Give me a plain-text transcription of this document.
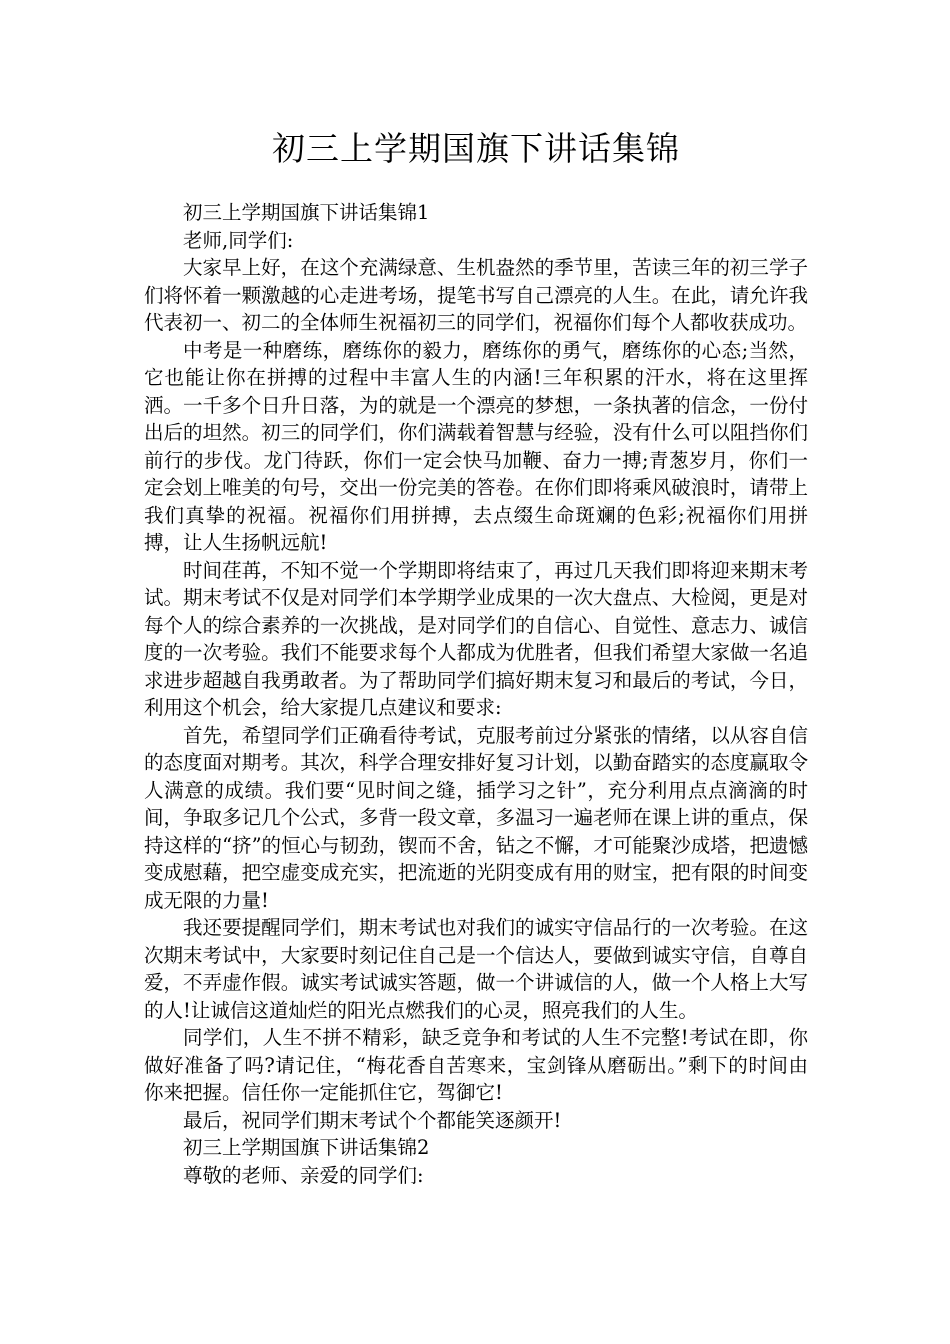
初三上学期国旗下讲话集锦

初三上学期国旗下讲话集锦1

老师,同学们:

大家早上好，在这个充满绿意、生机盎然的季节里，苦读三年的初三学子们将怀着一颗激越的心走进考场，提笔书写自己漂亮的人生。在此，请允许我代表初一、初二的全体师生祝福初三的同学们，祝福你们每个人都收获成功。

中考是一种磨练，磨练你的毅力，磨练你的勇气，磨练你的心态;当然，它也能让你在拼搏的过程中丰富人生的内涵!三年积累的汗水，将在这里挥洒。一千多个日升日落，为的就是一个漂亮的梦想，一条执著的信念，一份付出后的坦然。初三的同学们，你们满载着智慧与经验，没有什么可以阻挡你们前行的步伐。龙门待跃，你们一定会快马加鞭、奋力一搏;青葱岁月，你们一定会划上唯美的句号，交出一份完美的答卷。在你们即将乘风破浪时，请带上我们真挚的祝福。祝福你们用拼搏，去点缀生命斑斓的色彩;祝福你们用拼搏，让人生扬帆远航!

时间荏苒，不知不觉一个学期即将结束了，再过几天我们即将迎来期末考试。期末考试不仅是对同学们本学期学业成果的一次大盘点、大检阅，更是对每个人的综合素养的一次挑战，是对同学们的自信心、自觉性、意志力、诚信度的一次考验。我们不能要求每个人都成为优胜者，但我们希望大家做一名追求进步超越自我勇敢者。为了帮助同学们搞好期末复习和最后的考试，今日，利用这个机会，给大家提几点建议和要求:

首先，希望同学们正确看待考试，克服考前过分紧张的情绪，以从容自信的态度面对期考。其次，科学合理安排好复习计划，以勤奋踏实的态度赢取令人满意的成绩。我们要“见时间之缝，插学习之针”，充分利用点点滴滴的时间，争取多记几个公式，多背一段文章，多温习一遍老师在课上讲的重点，保持这样的“挤”的恒心与韧劲，锲而不舍，钻之不懈，才可能聚沙成塔，把遗憾变成慰藉，把空虚变成充实，把流逝的光阴变成有用的财宝，把有限的时间变成无限的力量!

我还要提醒同学们，期末考试也对我们的诚实守信品行的一次考验。在这次期末考试中，大家要时刻记住自己是一个信达人，要做到诚实守信，自尊自爱，不弄虚作假。诚实考试诚实答题，做一个讲诚信的人，做一个人格上大写的人!让诚信这道灿烂的阳光点燃我们的心灵，照亮我们的人生。

同学们，人生不拼不精彩，缺乏竞争和考试的人生不完整!考试在即，你做好准备了吗?请记住，“梅花香自苦寒来，宝剑锋从磨砺出。”剩下的时间由你来把握。信任你一定能抓住它，驾御它!

最后，祝同学们期末考试个个都能笑逐颜开!

初三上学期国旗下讲话集锦2

尊敬的老师、亲爱的同学们:
